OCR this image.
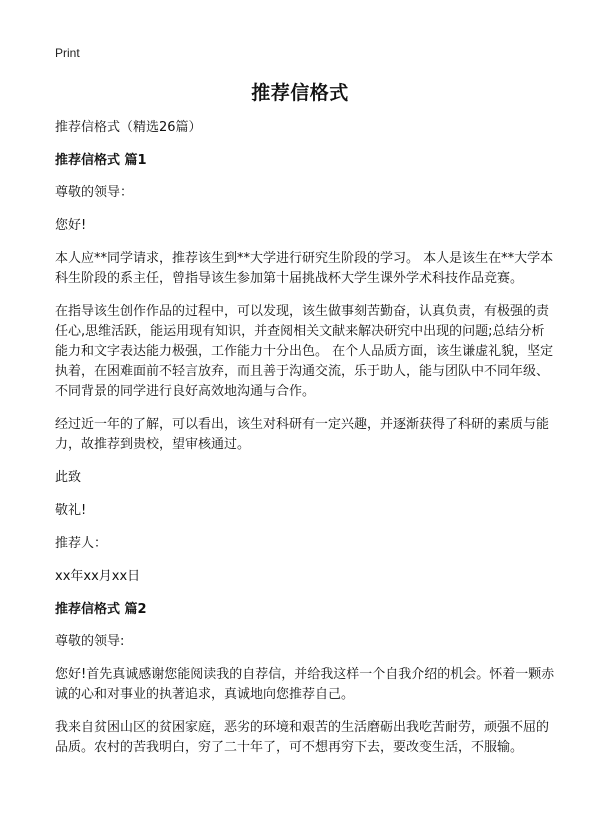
Print
推荐信格式

推荐信格式（精选26篇）

推荐信格式 篇1

尊敬的领导：

您好!

本人应**同学请求，推荐该生到**大学进行研究生阶段的学习。 本人是该生在**大学本科生阶段的系主任，曾指导该生参加第十届挑战杯大学生课外学术科技作品竞赛。

在指导该生创作作品的过程中，可以发现，该生做事刻苦勤奋，认真负责，有极强的责任心,思维活跃，能运用现有知识，并查阅相关文献来解决研究中出现的问题;总结分析能力和文字表达能力极强，工作能力十分出色。 在个人品质方面，该生谦虚礼貌，坚定执着，在困难面前不轻言放弃，而且善于沟通交流，乐于助人，能与团队中不同年级、不同背景的同学进行良好高效地沟通与合作。

经过近一年的了解，可以看出，该生对科研有一定兴趣，并逐渐获得了科研的素质与能力，故推荐到贵校，望审核通过。

此致

敬礼!

推荐人：

xx年xx月xx日

推荐信格式 篇2

尊敬的领导:

您好!首先真诚感谢您能阅读我的自荐信，并给我这样一个自我介绍的机会。怀着一颗赤诚的心和对事业的执著追求，真诚地向您推荐自己。

我来自贫困山区的贫困家庭，恶劣的环境和艰苦的生活磨砺出我吃苦耐劳，顽强不屈的品质。农村的苦我明白，穷了二十年了，可不想再穷下去，要改变生活，不服输。
